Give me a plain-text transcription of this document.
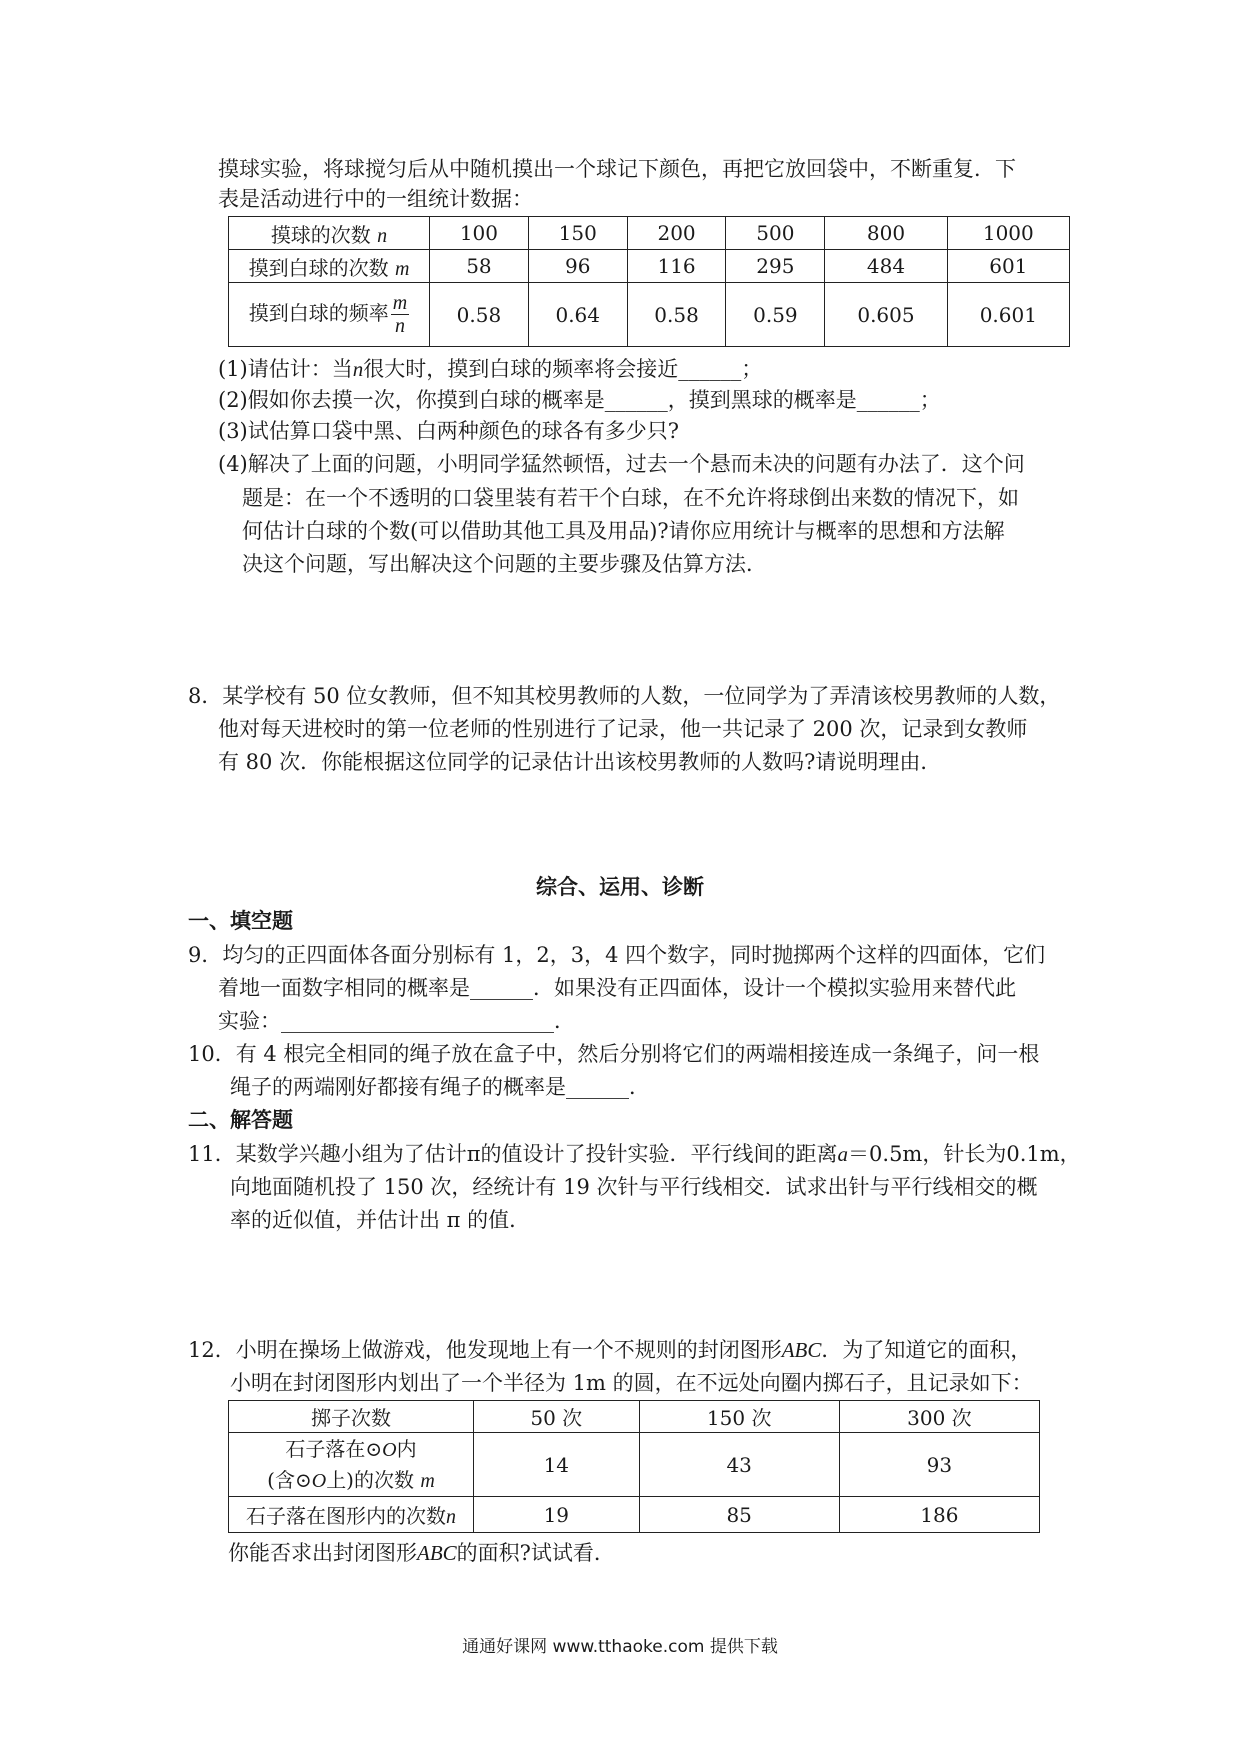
摸球实验，将球搅匀后从中随机摸出一个球记下颜色，再把它放回袋中，不断重复．下
表是活动进行中的一组统计数据：
摸球的次数 n	100	150	200	500	800	1000
摸到白球的次数 m	58	96	116	295	484	601
摸到白球的频率 $\frac{m}{n}$	0.58	0.64	0.58	0.59	0.605	0.601
(1)请估计：当n很大时，摸到白球的频率将会接近______；
(2)假如你去摸一次，你摸到白球的概率是______，摸到黑球的概率是______；
(3)试估算口袋中黑、白两种颜色的球各有多少只?
(4)解决了上面的问题，小明同学猛然顿悟，过去一个悬而未决的问题有办法了．这个问
题是：在一个不透明的口袋里装有若干个白球，在不允许将球倒出来数的情况下，如
何估计白球的个数(可以借助其他工具及用品)?请你应用统计与概率的思想和方法解
决这个问题，写出解决这个问题的主要步骤及估算方法．
8．某学校有 50 位女教师，但不知其校男教师的人数，一位同学为了弄清该校男教师的人数，
他对每天进校时的第一位老师的性别进行了记录，他一共记录了 200 次，记录到女教师
有 80 次．你能根据这位同学的记录估计出该校男教师的人数吗?请说明理由．
综合、运用、诊断
一、填空题
9．均匀的正四面体各面分别标有 1，2，3，4 四个数字，同时抛掷两个这样的四面体，它们
着地一面数字相同的概率是______．如果没有正四面体，设计一个模拟实验用来替代此
实验：__________________________．
10．有 4 根完全相同的绳子放在盒子中，然后分别将它们的两端相接连成一条绳子，问一根
绳子的两端刚好都接有绳子的概率是______．
二、解答题
11．某数学兴趣小组为了估计π的值设计了投针实验．平行线间的距离a＝0.5m，针长为0.1m，
向地面随机投了 150 次，经统计有 19 次针与平行线相交．试求出针与平行线相交的概
率的近似值，并估计出 π 的值．
12．小明在操场上做游戏，他发现地上有一个不规则的封闭图形ABC．为了知道它的面积，
小明在封闭图形内划出了一个半径为 1m 的圆，在不远处向圈内掷石子，且记录如下：
掷子次数	50 次	150 次	300 次
石子落在⊙O内
(含⊙O上)的次数 m	14	43	93
石子落在图形内的次数n	19	85	186
你能否求出封闭图形ABC的面积?试试看．
通通好课网 www.tthaoke.com 提供下载
